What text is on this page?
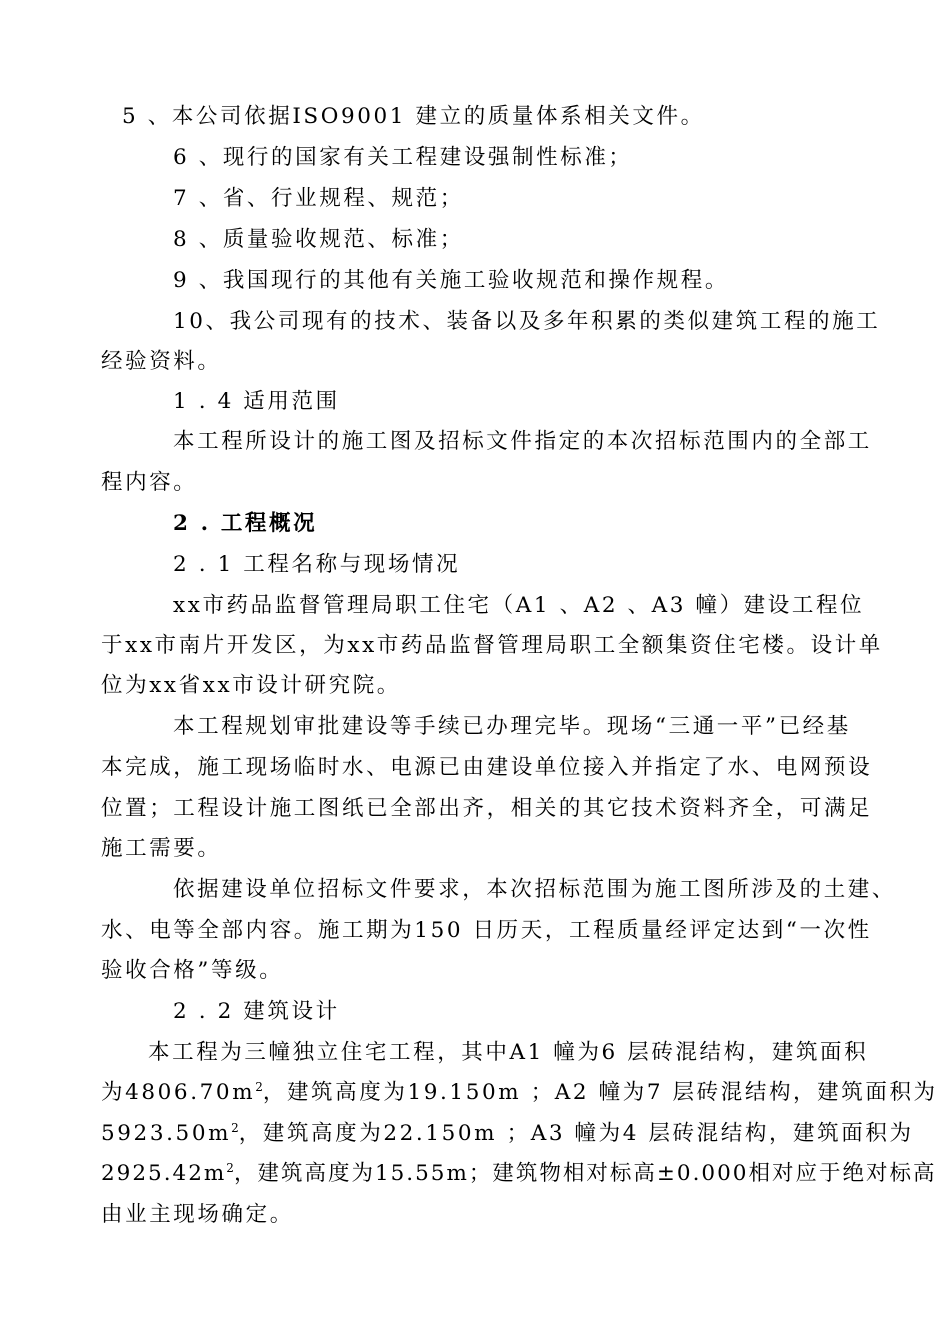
5 、本公司依据ISO9001 建立的质量体系相关文件。
6 、现行的国家有关工程建设强制性标准；
7 、省、行业规程、规范；
8 、质量验收规范、标准；
9 、我国现行的其他有关施工验收规范和操作规程。
10、我公司现有的技术、装备以及多年积累的类似建筑工程的施工
经验资料。
1 . 4 适用范围
本工程所设计的施工图及招标文件指定的本次招标范围内的全部工
程内容。
2 . 工程概况
2 . 1 工程名称与现场情况
xx市药品监督管理局职工住宅（A1 、A2 、A3 幢）建设工程位
于xx市南片开发区，为xx市药品监督管理局职工全额集资住宅楼。设计单
位为xx省xx市设计研究院。
本工程规划审批建设等手续已办理完毕。现场“三通一平”已经基
本完成，施工现场临时水、电源已由建设单位接入并指定了水、电网预设
位置；工程设计施工图纸已全部出齐，相关的其它技术资料齐全，可满足
施工需要。
依据建设单位招标文件要求，本次招标范围为施工图所涉及的土建、
水、电等全部内容。施工期为150 日历天，工程质量经评定达到“一次性
验收合格”等级。
2 . 2 建筑设计
本工程为三幢独立住宅工程，其中A1 幢为6 层砖混结构，建筑面积
为$4806.70m^2$，建筑高度为19.150m ；A2 幢为7 层砖混结构，建筑面积为
$5923.50m^2$，建筑高度为22.150m ；A3 幢为4 层砖混结构，建筑面积为
$2925.42m^2$，建筑高度为15.55m；建筑物相对标高±0.000相对应于绝对标高
由业主现场确定。
